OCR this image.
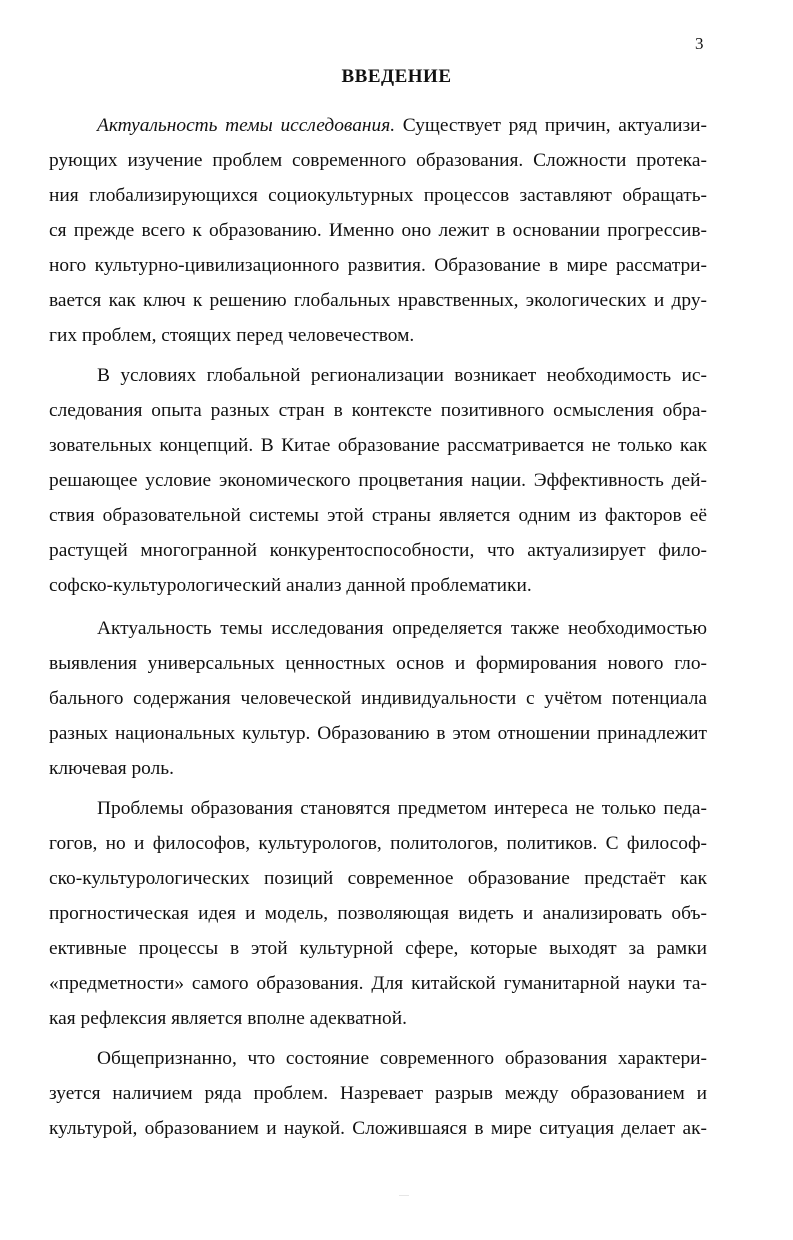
3
ВВЕДЕНИЕ
Актуальность темы исследования. Существует ряд причин, актуализи-
рующих изучение проблем современного образования. Сложности протека-
ния глобализирующихся социокультурных процессов заставляют обращать-
ся прежде всего к образованию. Именно оно лежит в основании прогрессив-
ного культурно-цивилизационного развития. Образование в мире рассматри-
вается как ключ к решению глобальных нравственных, экологических и дру-
гих проблем, стоящих перед человечеством.
В условиях глобальной регионализации возникает необходимость ис-
следования опыта разных стран в контексте позитивного осмысления обра-
зовательных концепций. В Китае образование рассматривается не только как
решающее условие экономического процветания нации. Эффективность дей-
ствия образовательной системы этой страны является одним из факторов её
растущей многогранной конкурентоспособности, что актуализирует фило-
софско-культурологический анализ данной проблематики.
Актуальность темы исследования определяется также необходимостью
выявления универсальных ценностных основ и формирования нового гло-
бального содержания человеческой индивидуальности с учётом потенциала
разных национальных культур. Образованию в этом отношении принадлежит
ключевая роль.
Проблемы образования становятся предметом интереса не только педа-
гогов, но и философов, культурологов, политологов, политиков. С философ-
ско-культурологических позиций современное образование предстаёт как
прогностическая идея и модель, позволяющая видеть и анализировать объ-
ективные процессы в этой культурной сфере, которые выходят за рамки
«предметности» самого образования. Для китайской гуманитарной науки та-
кая рефлексия является вполне адекватной.
Общепризнанно, что состояние современного образования характери-
зуется наличием ряда проблем. Назревает разрыв между образованием и
культурой, образованием и наукой. Сложившаяся в мире ситуация делает ак-
